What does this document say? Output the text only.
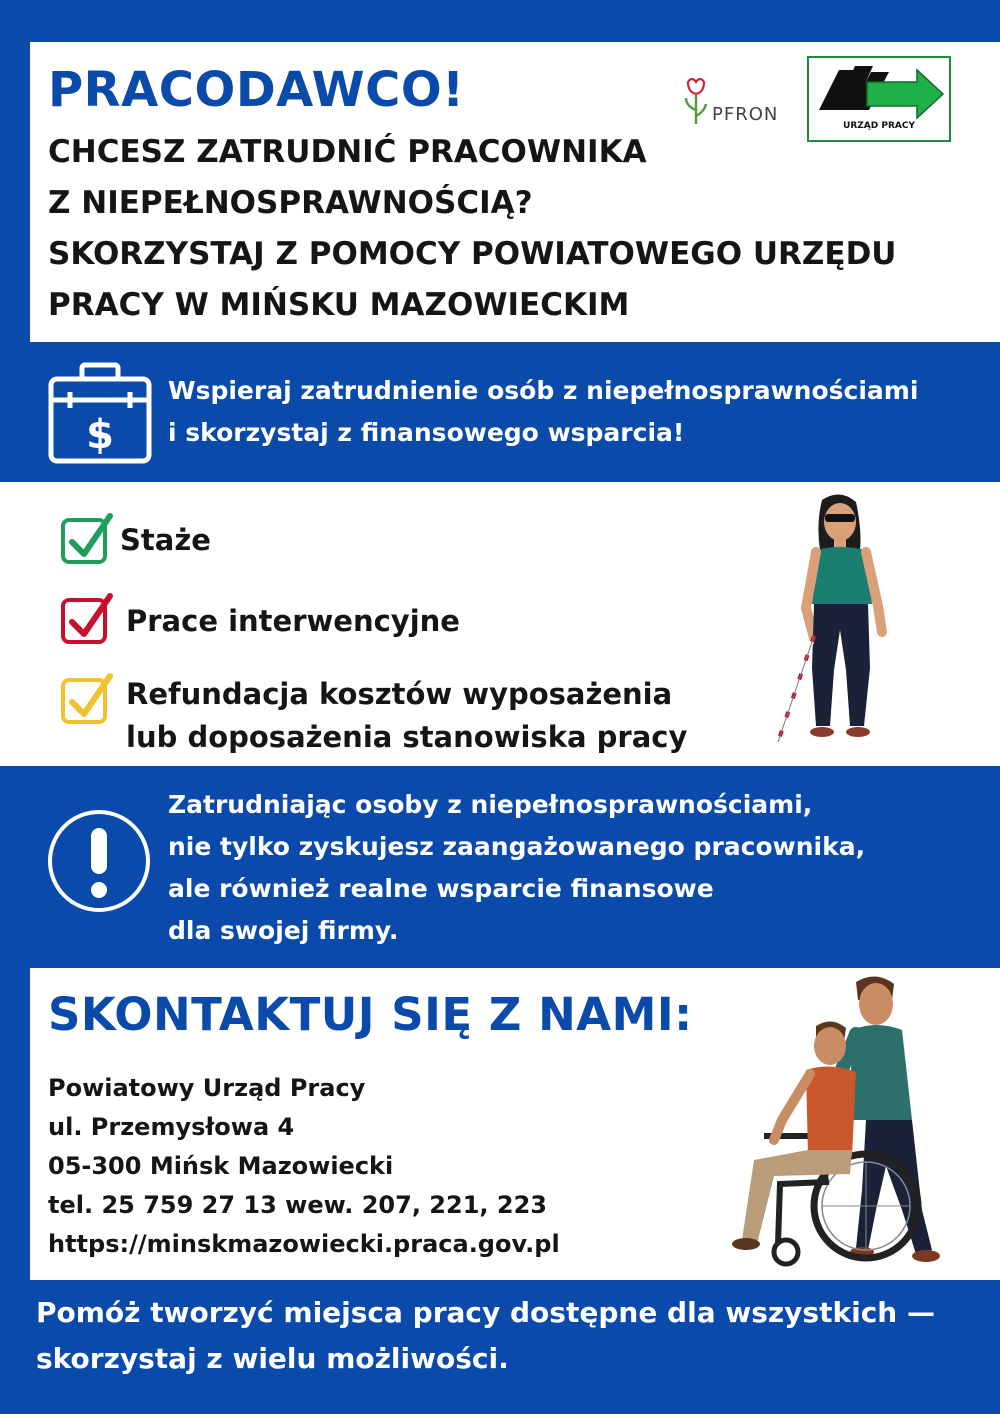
PRACODAWCO!

CHCESZ ZATRUDNIĆ PRACOWNIKA

Z NIEPEŁNOSPRAWNOŚCIĄ?

SKORZYSTAJ Z POMOCY POWIATOWEGO URZĘDU

PRACY W MIŃSKU MAZOWIECKIM

PFRON
URZĄD PRACY
$

Wspieraj zatrudnienie osób z niepełnosprawnościami

i skorzystaj z finansowego wsparcia!

Staże
Prace interwencyjne
Refundacja kosztów wyposażenia
lub doposażenia stanowiska pracy

Zatrudniając osoby z niepełnosprawnościami,

nie tylko zyskujesz zaangażowanego pracownika,

ale również realne wsparcie finansowe

dla swojej firmy.

SKONTAKTUJ SIĘ Z NAMI:
Powiatowy Urząd Pracy
ul. Przemysłowa 4
05-300 Mińsk Mazowiecki
tel. 25 759 27 13 wew. 207, 221, 223
https://minskmazowiecki.praca.gov.pl
Pomóż tworzyć miejsca pracy dostępne dla wszystkich —
skorzystaj z wielu możliwości.
